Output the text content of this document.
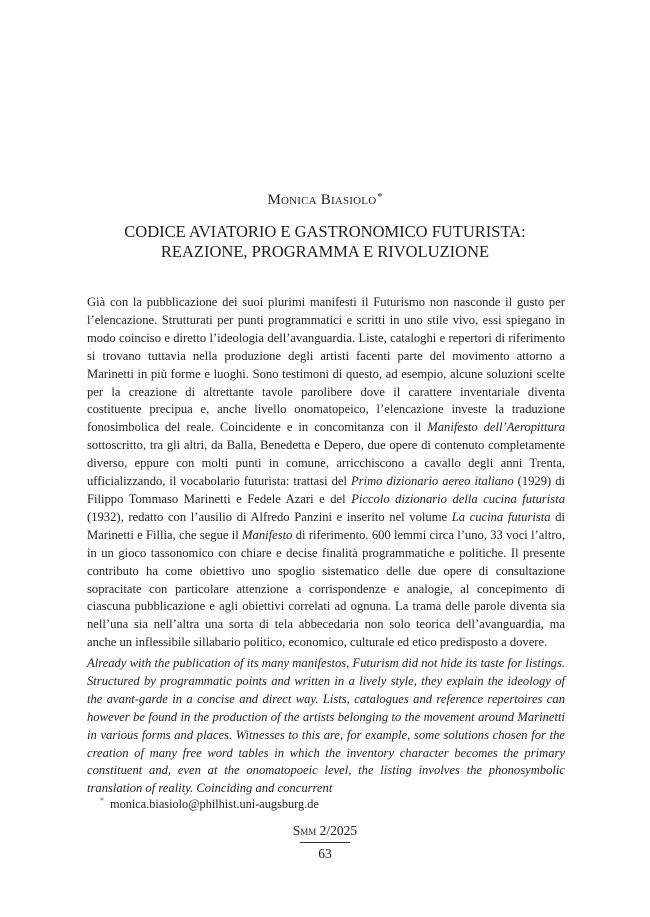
Monica Biasiolo*
CODICE AVIATORIO E GASTRONOMICO FUTURISTA:
REAZIONE, PROGRAMMA E RIVOLUZIONE
Già con la pubblicazione dei suoi plurimi manifesti il Futurismo non nasconde il gusto per l’elencazione. Strutturati per punti programmatici e scritti in uno stile vivo, essi spiegano in modo coinciso e diretto l’ideologia dell’avanguardia. Liste, cataloghi e repertori di riferimento si trovano tuttavia nella produzione degli artisti facenti parte del movimento attorno a Marinetti in più forme e luoghi. Sono testimoni di questo, ad esempio, alcune soluzioni scelte per la creazione di altrettante tavole parolibere dove il carattere inventariale diventa costituente precipua e, anche livello onomatopeico, l’elencazione investe la traduzione fonosimbolica del reale. Coincidente e in concomitanza con il Manifesto dell’Aeropittura sottoscritto, tra gli altri, da Balla, Benedetta e Depero, due opere di contenuto completamente diverso, eppure con molti punti in comune, arricchiscono a cavallo degli anni Trenta, ufficializzando, il vocabolario futurista: trattasi del Primo dizionario aereo italiano (1929) di Filippo Tommaso Marinetti e Fedele Azari e del Piccolo dizionario della cucina futurista (1932), redatto con l’ausilio di Alfredo Panzini e inserito nel volume La cucina futurista di Marinetti e Fillìa, che segue il Manifesto di riferimento. 600 lemmi circa l’uno, 33 voci l’altro, in un gioco tassonomico con chiare e decise finalità programmatiche e politiche. Il presente contributo ha come obiettivo uno spoglio sistematico delle due opere di consultazione sopracitate con particolare attenzione a corrispondenze e analogie, al concepimento di ciascuna pubblicazione e agli obiettivi correlati ad ognuna. La trama delle parole diventa sia nell’una sia nell’altra una sorta di tela abbecedaria non solo teorica dell’avanguardia, ma anche un inflessibile sillabario politico, economico, culturale ed etico predisposto a dovere.
Already with the publication of its many manifestos, Futurism did not hide its taste for listings. Structured by programmatic points and written in a lively style, they explain the ideology of the avant-garde in a concise and direct way. Lists, catalogues and reference repertoires can however be found in the production of the artists belonging to the movement around Marinetti in various forms and places. Witnesses to this are, for example, some solutions chosen for the creation of many free word tables in which the inventory character becomes the primary constituent and, even at the onomatopoeic level, the listing involves the phonosymbolic translation of reality. Coinciding and concurrent
* monica.biasiolo@philhist.uni-augsburg.de
Smm 2/2025
63
